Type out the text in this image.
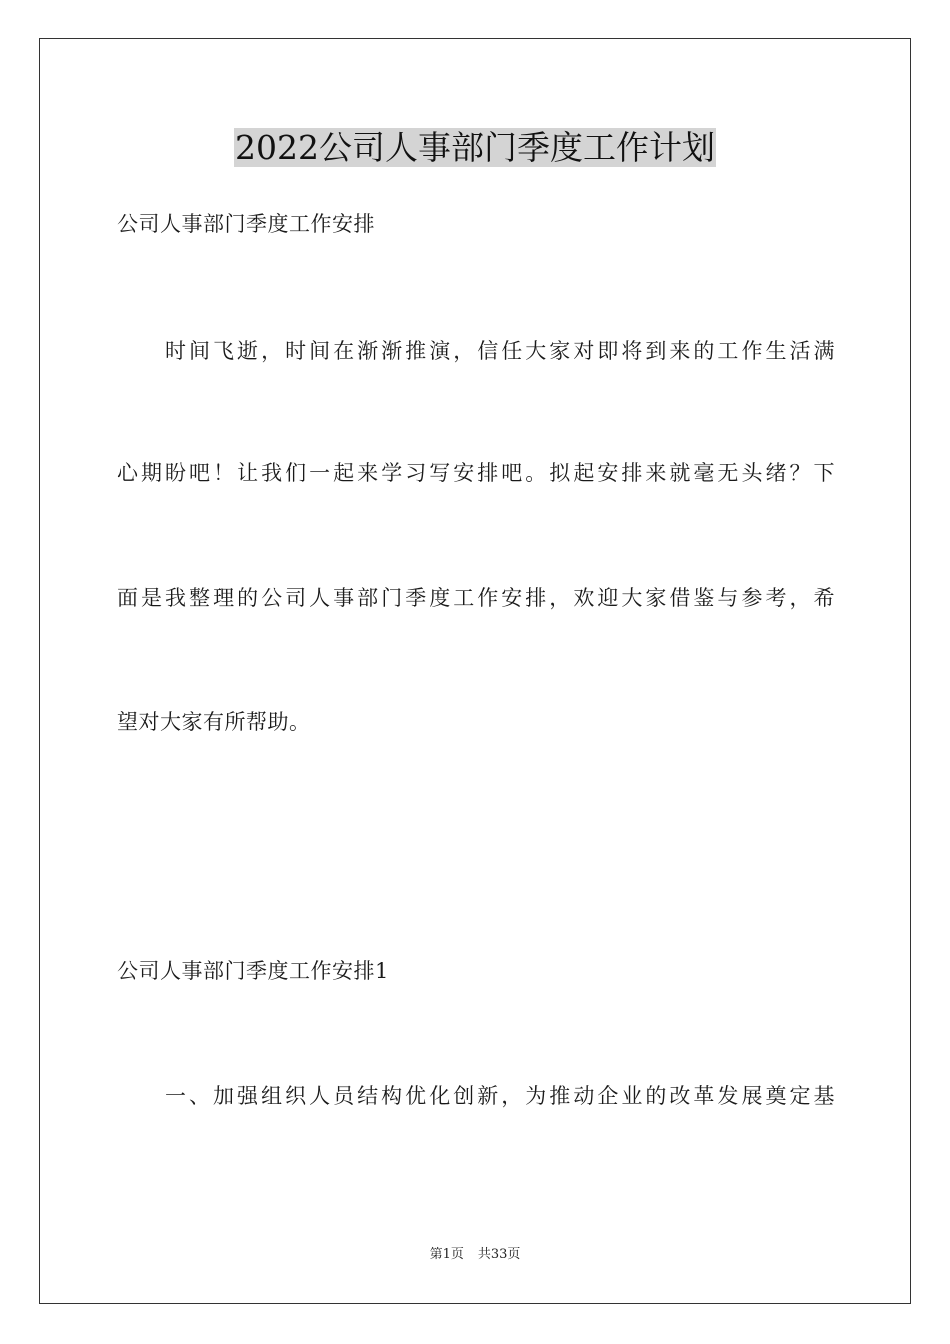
2022公司人事部门季度工作计划

公司人事部门季度工作安排

时间飞逝，时间在渐渐推演，信任大家对即将到来的工作生活满

心期盼吧！让我们一起来学习写安排吧。拟起安排来就毫无头绪？下

面是我整理的公司人事部门季度工作安排，欢迎大家借鉴与参考，希

望对大家有所帮助。

公司人事部门季度工作安排1

一、加强组织人员结构优化创新，为推动企业的改革发展奠定基

第1页 共33页
